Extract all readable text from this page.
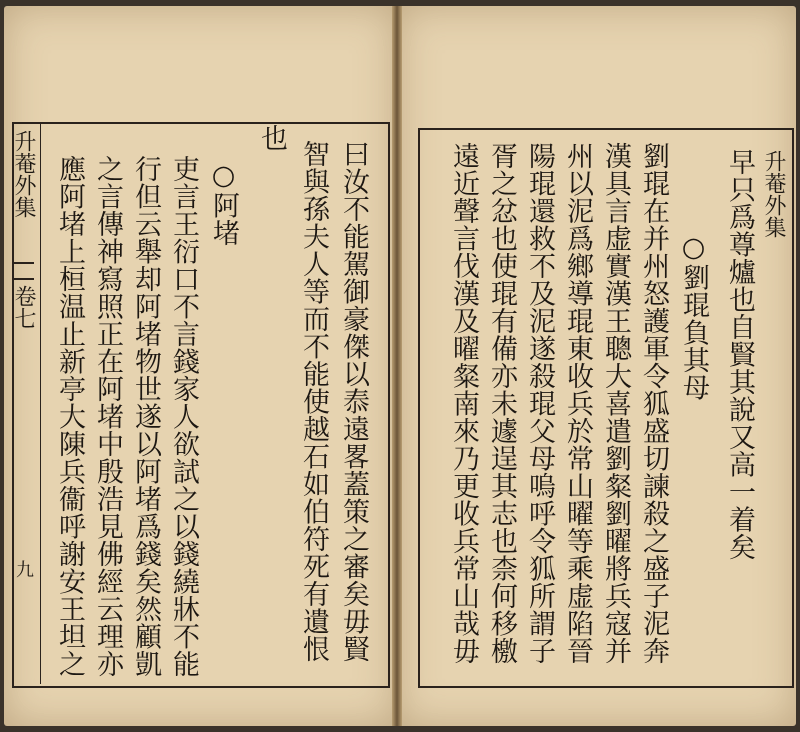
升菴外集
卷七
九	曰汝不能駕御豪傑以㤗遠畧蓋策之審矣毋賢
智與孫夫人等而不能使越石如伯符死有遺恨
也
○阿堵
吏言王衍口不言錢家人欲試之以錢繞牀不能
行但云舉却阿堵物世遂以阿堵爲錢矣然顧凱
之言傳神寫照正在阿堵中殷浩見佛經云理亦
應阿堵上桓温止新亭大陳兵衞呼謝安王坦之	升菴外集
早只爲尊爐也自賢其說又高一着矣
○劉琨負其母
劉琨在并州怒護軍令狐盛切諫殺之盛子泥奔
漢具言虚實漢王聰大喜遣劉粲劉曜將兵寇并
州以泥爲鄉導琨東收兵於常山曜等乘虚陷晉
陽琨還救不及泥遂殺琨父母嗚呼令狐所謂子
胥之忿也使琨有備亦未遽逞其志也柰何移檄
遠近聲言伐漢及曜粲南來乃更收兵常山哉毋
